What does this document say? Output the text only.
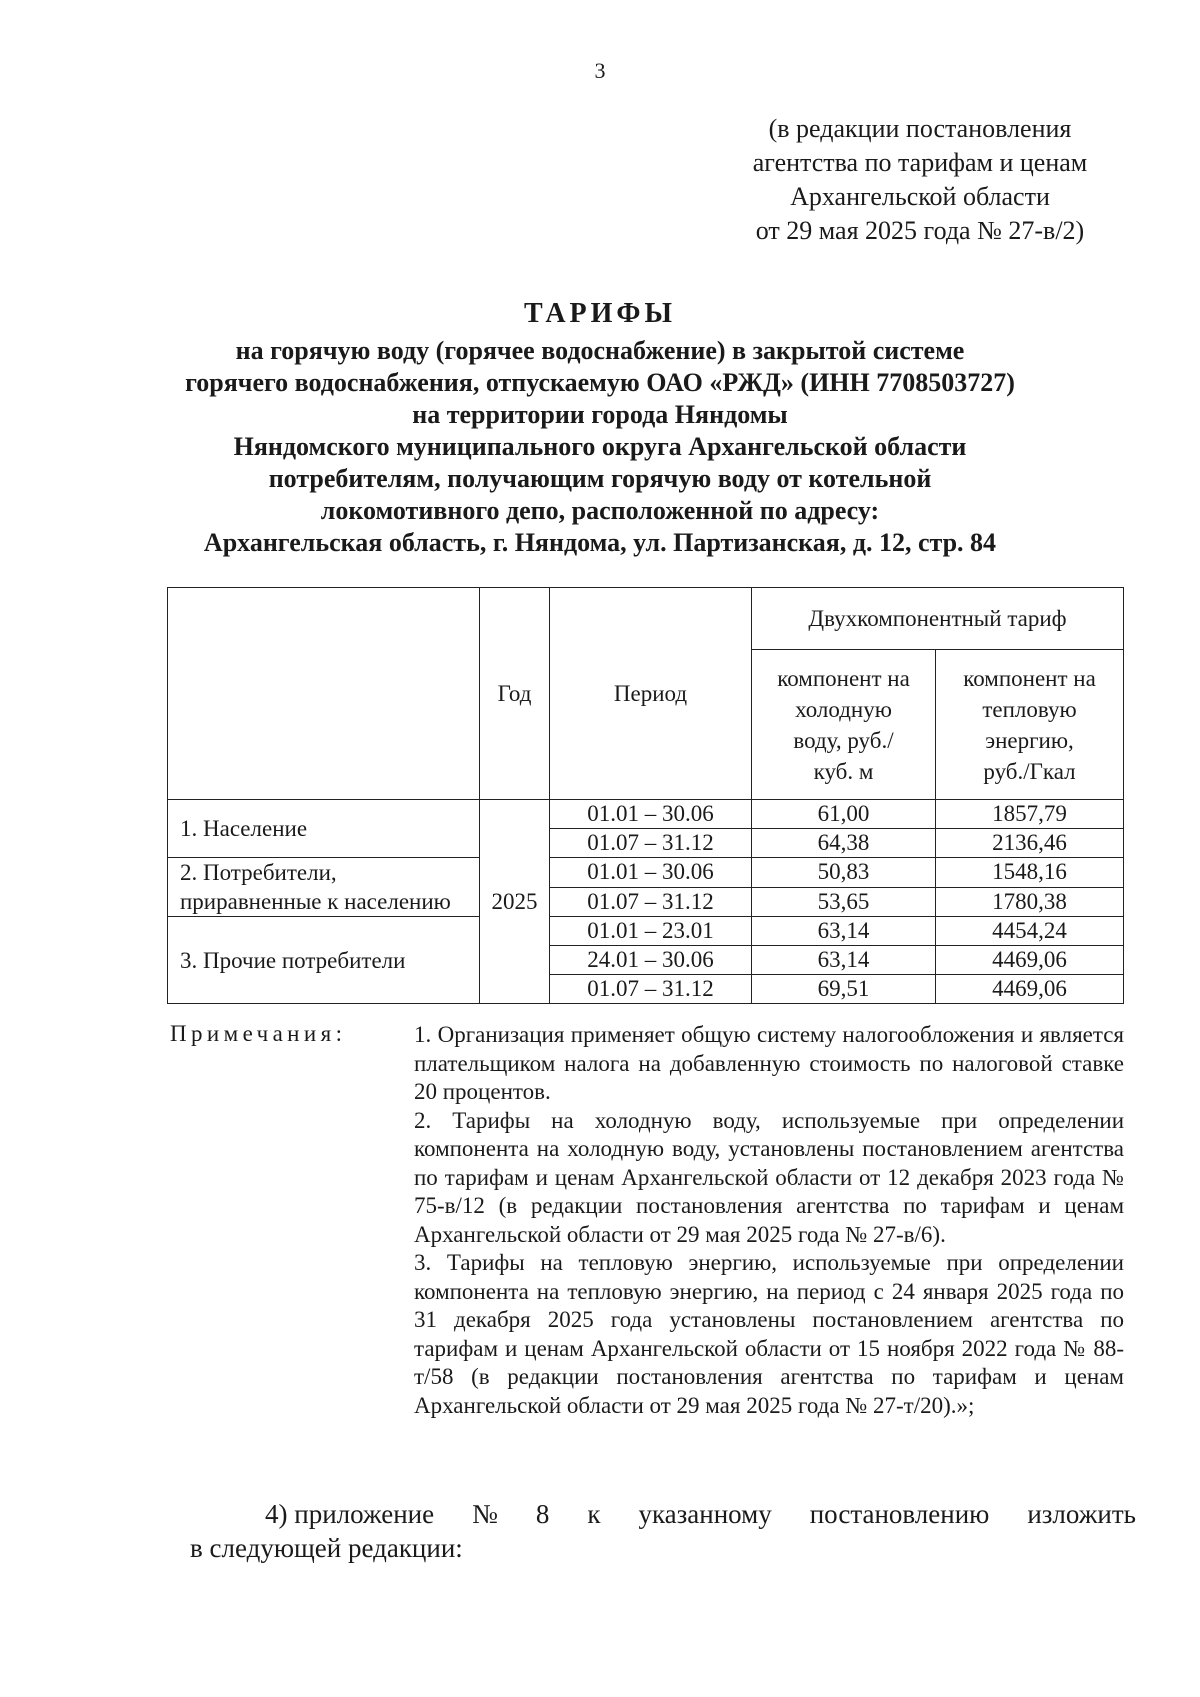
3
(в редакции постановления
агентства по тарифам и ценам
Архангельской области
от 29 мая 2025 года № 27-в/2)
ТАРИФЫ
на горячую воду (горячее водоснабжение) в закрытой системе
горячего водоснабжения, отпускаемую ОАО «РЖД» (ИНН 7708503727)
на территории города Няндомы
Няндомского муниципального округа Архангельской области
потребителям, получающим горячую воду от котельной
локомотивного депо, расположенной по адресу:
Архангельская область, г. Няндома, ул. Партизанская, д. 12, стр. 84
	Год	Период	Двухкомпонентный тариф	
			компонент на холодную воду, руб./куб. м	компонент на тепловую энергию, руб./Гкал
1. Население	2025	01.01 – 30.06	61,00	1857,79
		01.07 – 31.12	64,38	2136,46
2. Потребители, приравненные к населению		01.01 – 30.06	50,83	1548,16
		01.07 – 31.12	53,65	1780,38
3. Прочие потребители		01.01 – 23.01	63,14	4454,24
		24.01 – 30.06	63,14	4469,06
		01.07 – 31.12	69,51	4469,06
Примечания:	1. Организация применяет общую систему налогообложения и является плательщиком налога на добавленную стоимость по налоговой ставке 20 процентов.

2. Тарифы на холодную воду, используемые при определении компонента на холодную воду, установлены постановлением агентства по тарифам и ценам Архангельской области от 12 декабря 2023 года № 75-в/12 (в редакции постановления агентства по тарифам и ценам Архангельской области от 29 мая 2025 года № 27-в/6).

3. Тарифы на тепловую энергию, используемые при определении компонента на тепловую энергию, на период с 24 января 2025 года по 31 декабря 2025 года установлены постановлением агентства по тарифам и ценам Архангельской области от 15 ноября 2022 года № 88-т/58 (в редакции постановления агентства по тарифам и ценам Архангельской области от 29 мая 2025 года № 27-т/20).»;

4) приложение № 8 к указанному постановлению изложить
в следующей редакции:
